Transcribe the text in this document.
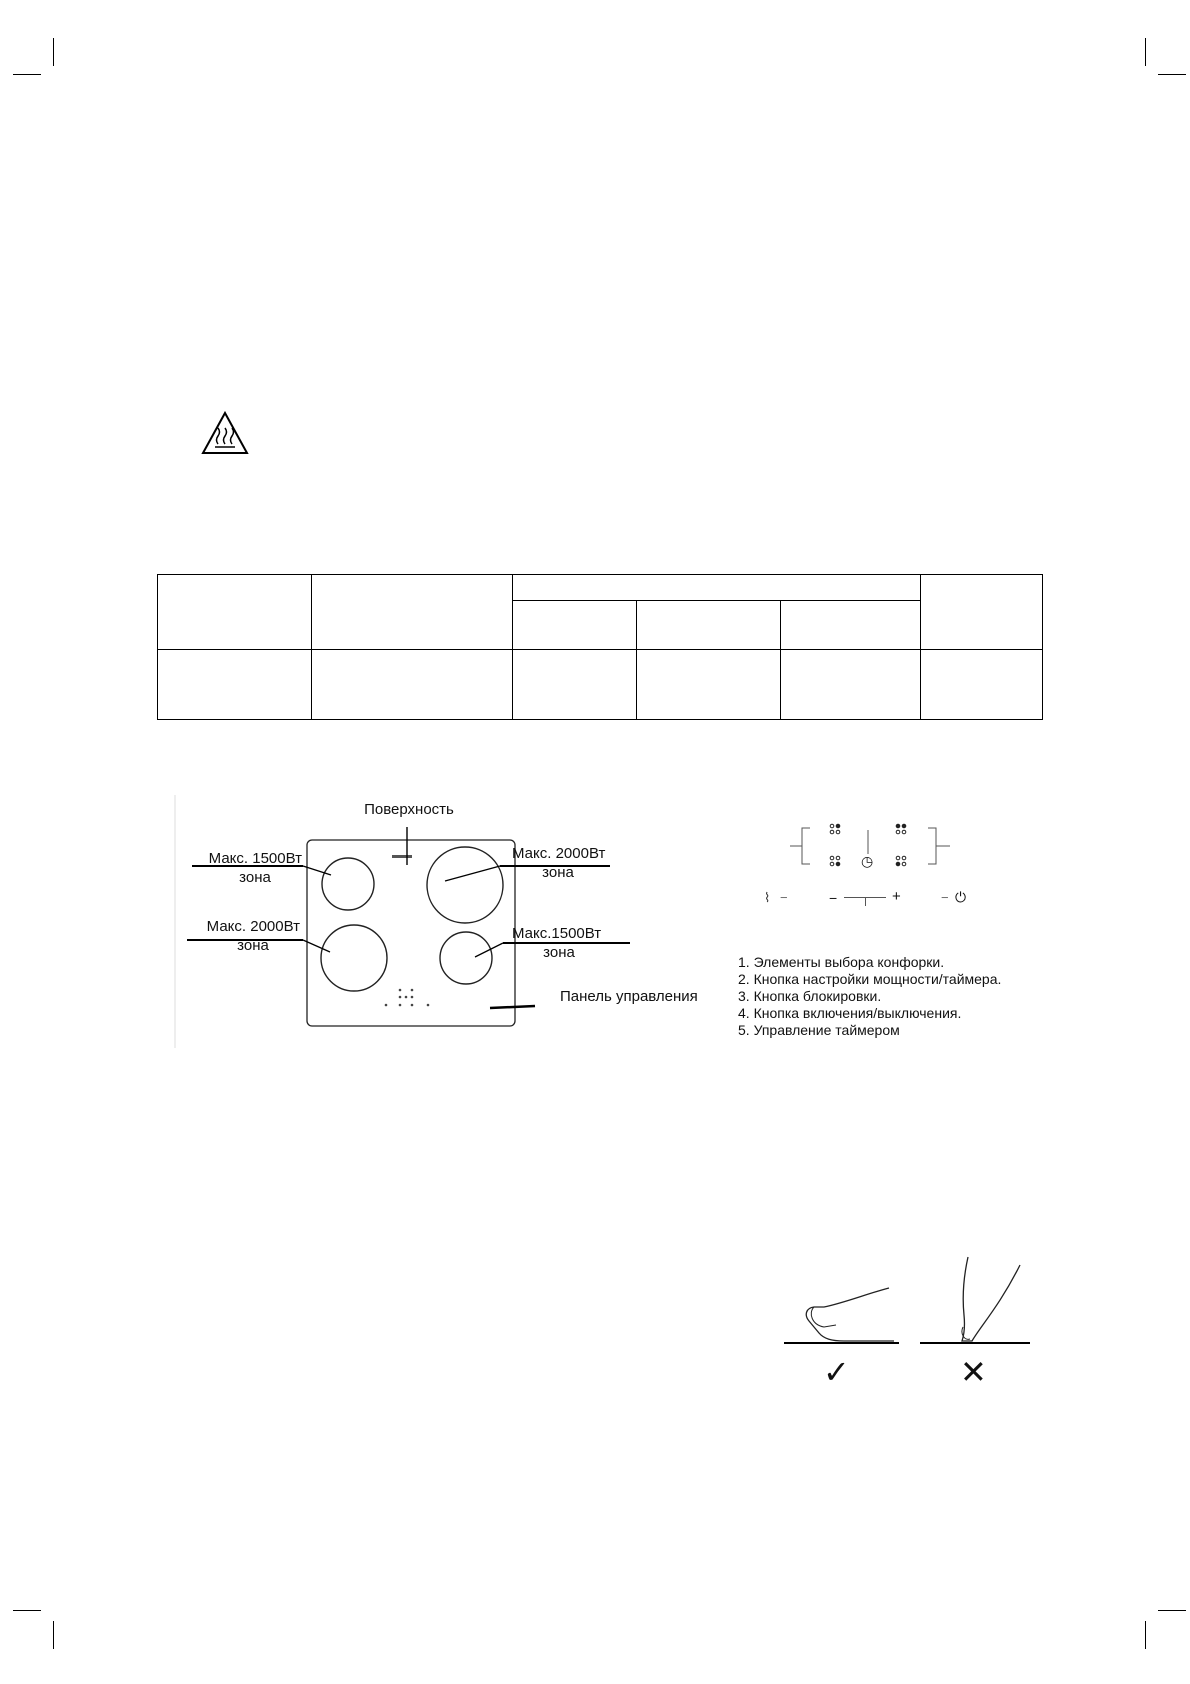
Поверхность
Макс. 1500Вт
зона
Макс. 2000Вт
зона
Макс. 2000Вт
зона
Макс.1500Вт
зона
Панель управления
◷
⌇ −	−	+	− ⏻
1. Элементы выбора конфорки.
2. Кнопка настройки мощности/таймера.
3. Кнопка блокировки.
4. Кнопка включения/выключения.
5. Управление таймером
✓	✕
